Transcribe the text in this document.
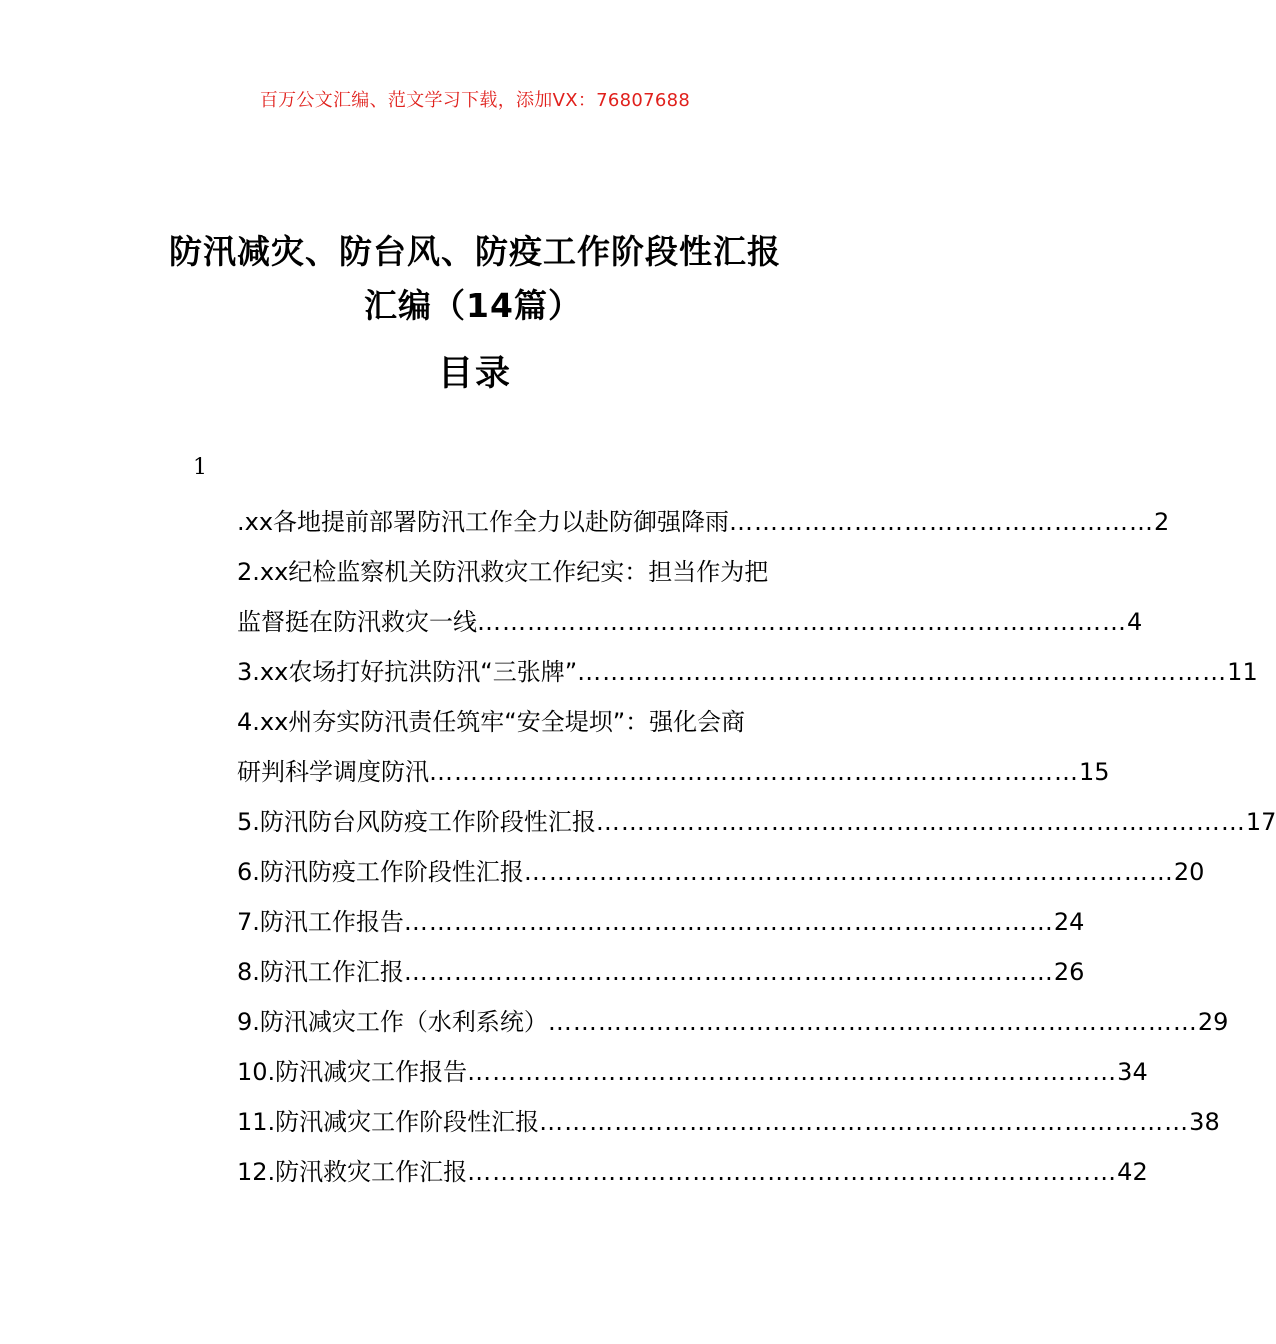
百万公文汇编、范文学习下载，添加VX：76807688
防汛减灾、防台风、防疫工作阶段性汇报
汇编（14篇）
目录
1
.xx各地提前部署防汛工作全力以赴防御强降雨 …………………………………………… 2
2.xx纪检监察机关防汛救灾工作纪实：担当作为把
监督挺在防汛救灾一线 …………………………………………………………………… 4
3.xx农场打好抗洪防汛“三张牌” …………………………………………………………………… 11
4.xx州夯实防汛责任筑牢“安全堤坝”：强化会商
研判科学调度防汛 …………………………………………………………………… 15
5.防汛防台风防疫工作阶段性汇报 …………………………………………………………………… 17
6.防汛防疫工作阶段性汇报 …………………………………………………………………… 20
7.防汛工作报告 …………………………………………………………………… 24
8.防汛工作汇报 …………………………………………………………………… 26
9.防汛减灾工作（水利系统） …………………………………………………………………… 29
10.防汛减灾工作报告 …………………………………………………………………… 34
11.防汛减灾工作阶段性汇报 …………………………………………………………………… 38
12.防汛救灾工作汇报 …………………………………………………………………… 42
